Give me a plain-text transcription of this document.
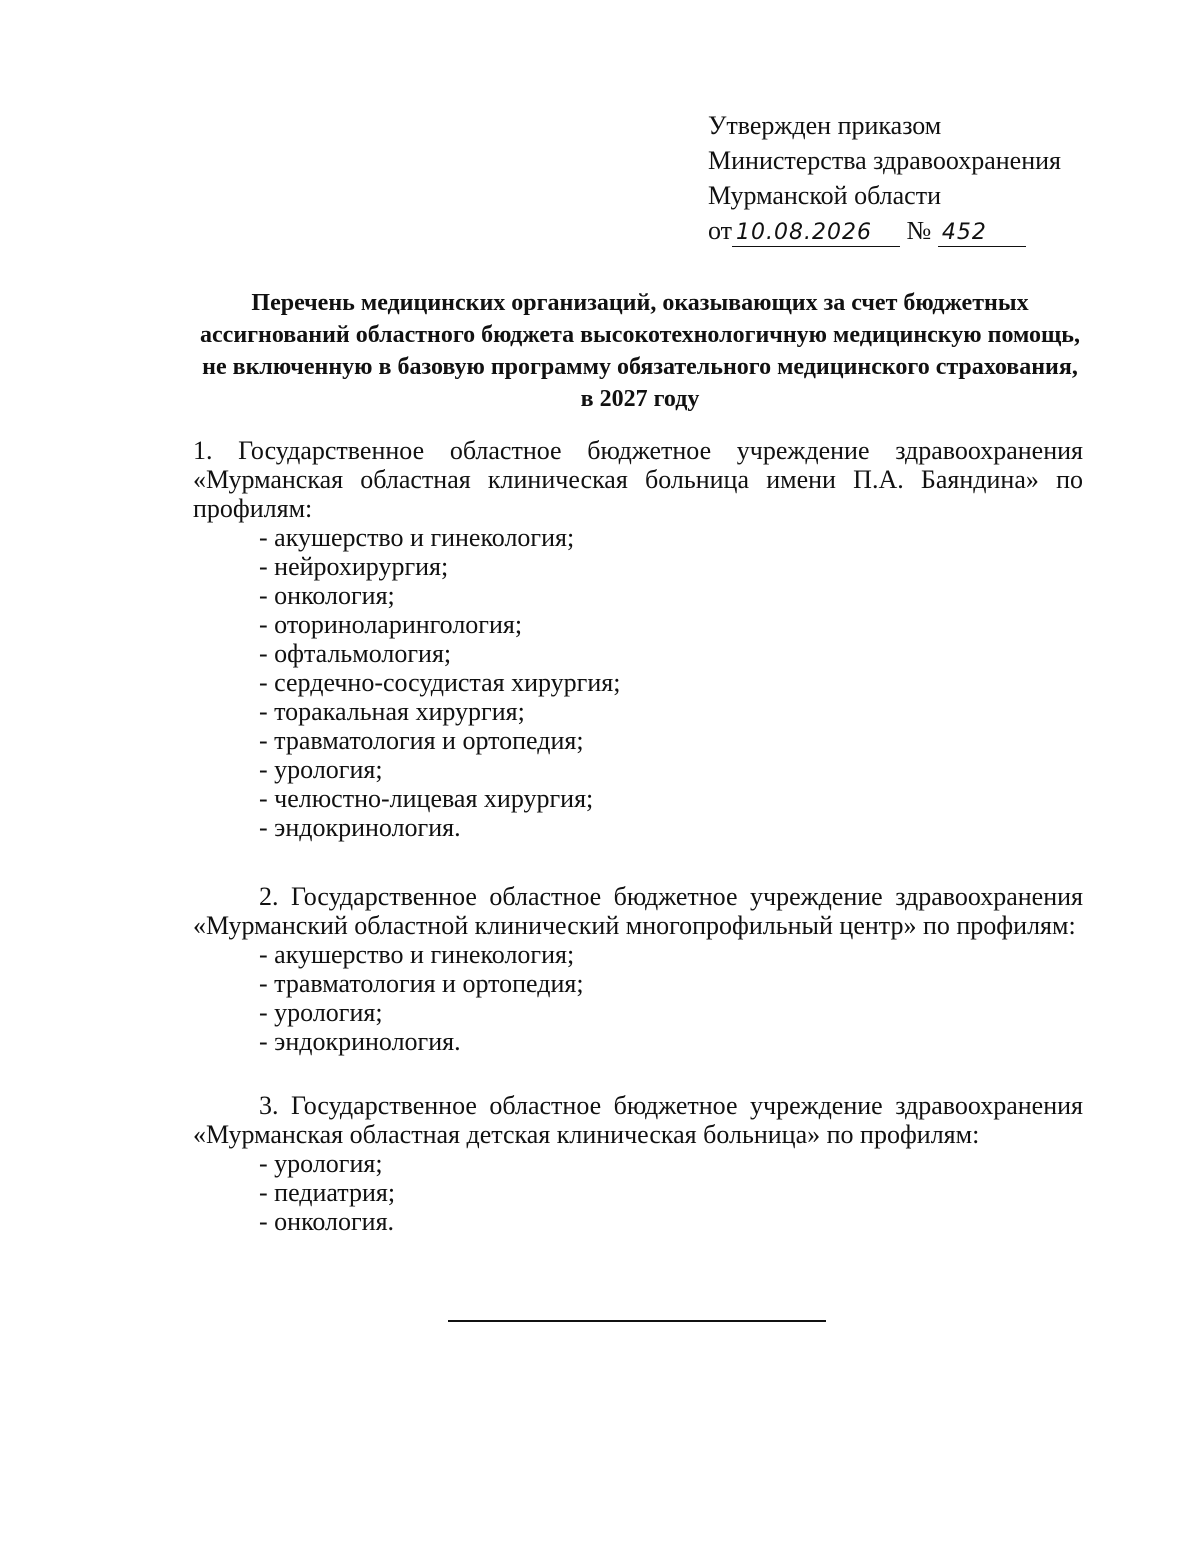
Утвержден приказом
Министерства здравоохранения
Мурманской области
от 10.08.2026 № 452
Перечень медицинских организаций, оказывающих за счет бюджетных ассигнований областного бюджета высокотехнологичную медицинскую помощь, не включенную в базовую программу обязательного медицинского страхования, в 2027 году
1. Государственное областное бюджетное учреждение здравоохранения «Мурманская областная клиническая больница имени П.А. Баяндина» по профилям:
- акушерство и гинекология;
- нейрохирургия;
- онкология;
- оториноларингология;
- офтальмология;
- сердечно-сосудистая хирургия;
- торакальная хирургия;
- травматология и ортопедия;
- урология;
- челюстно-лицевая хирургия;
- эндокринология.
2. Государственное областное бюджетное учреждение здравоохранения «Мурманский областной клинический многопрофильный центр» по профилям:
- акушерство и гинекология;
- травматология и ортопедия;
- урология;
- эндокринология.
3. Государственное областное бюджетное учреждение здравоохранения «Мурманская областная детская клиническая больница» по профилям:
- урология;
- педиатрия;
- онкология.
